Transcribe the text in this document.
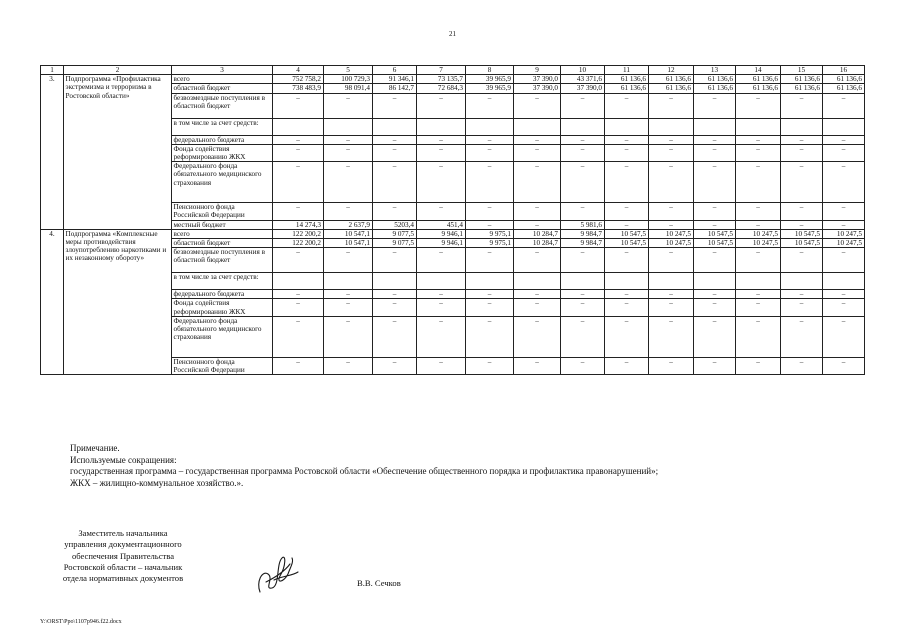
21
1	2	3	4	5	6	7	8	9	10	11	12	13	14	15	16
3.	Подпрограмма «Профилактика экстремизма и терроризма в Ростовской области»	всего	752 758,2	100 729,3	91 346,1	73 135,7	39 965,9	37 390,0	43 371,6	61 136,6	61 136,6	61 136,6	61 136,6	61 136,6	61 136,6
		областной бюджет	738 483,9	98 091,4	86 142,7	72 684,3	39 965,9	37 390,0	37 390,0	61 136,6	61 136,6	61 136,6	61 136,6	61 136,6	61 136,6
		безвозмездные поступления в областной бюджет	–	–	–	–	–	–	–	–	–	–	–	–	–
		в том числе за счет средств:													
		федерального бюджета	–	–	–	–	–	–	–	–	–	–	–	–	–
		Фонда содействия реформированию ЖКХ	–	–	–	–	–	–	–	–	–	–	–	–	–
		Федерального фонда обязательного медицинского страхования	–	–	–	–	–	–	–	–	–	–	–	–	–
		Пенсионного фонда Российской Федерации	–	–	–	–	–	–	–	–	–	–	–	–	–
		местный бюджет	14 274,3	2 637,9	5203,4	451,4	–	–	5 981,6	–	–	–	–	–	–
4.	Подпрограмма «Комплексные меры противодействия злоупотреблению наркотиками и их незаконному обороту»	всего	122 200,2	10 547,1	9 077,5	9 946,1	9 975,1	10 284,7	9 984,7	10 547,5	10 247,5	10 547,5	10 247,5	10 547,5	10 247,5
		областной бюджет	122 200,2	10 547,1	9 077,5	9 946,1	9 975,1	10 284,7	9 984,7	10 547,5	10 247,5	10 547,5	10 247,5	10 547,5	10 247,5
		безвозмездные поступления в областной бюджет	–	–	–	–	–	–	–	–	–	–	–	–	–
		в том числе за счет средств:													
		федерального бюджета	–	–	–	–	–	–	–	–	–	–	–	–	–
		Фонда содействия реформированию ЖКХ	–	–	–	–	–	–	–	–	–	–	–	–	–
		Федерального фонда обязательного медицинского страхования	–	–	–	–	–	–	–	–	–	–	–	–	–
		Пенсионного фонда Российской Федерации	–	–	–	–	–	–	–	–	–	–	–	–	–
Примечание.
Используемые сокращения:
государственная программа – государственная программа Ростовской области «Обеспечение общественного порядка и профилактика правонарушений»;
ЖКХ – жилищно-коммунальное хозяйство.».
Заместитель начальника
управления документационного
обеспечения Правительства
Ростовской области – начальник
отдела нормативных документов	В.В. Сечков
Y:\ORST\Ppo\1107p946.f22.docx
